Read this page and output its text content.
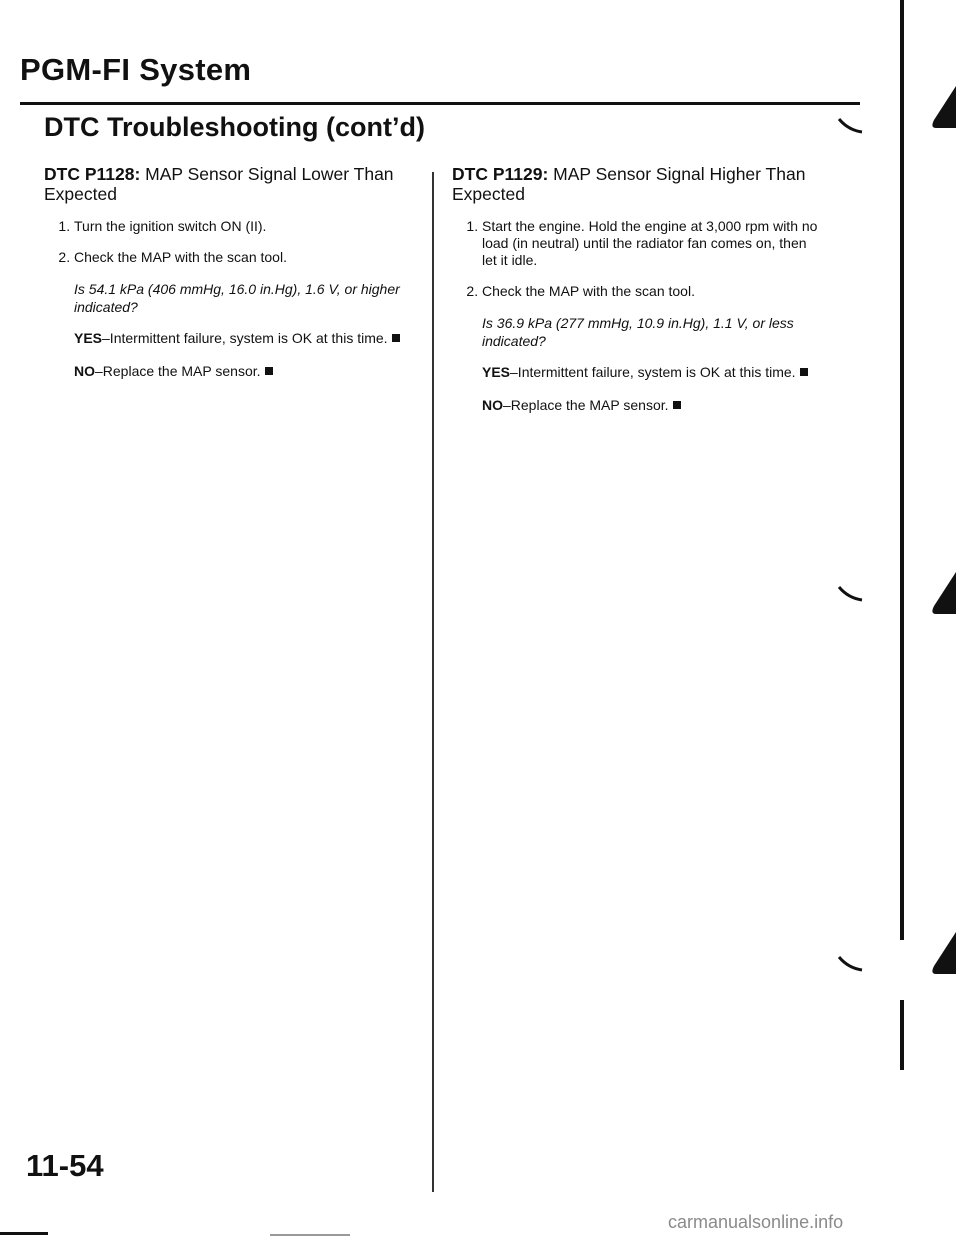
PGM-FI System
DTC Troubleshooting (cont’d)

DTC P1128: MAP Sensor Signal Lower Than Expected

1. Turn the ignition switch ON (II).
2. Check the MAP with the scan tool.

Is 54.1 kPa (406 mmHg, 16.0 in.Hg), 1.6 V, or higher indicated?

YES–Intermittent failure, system is OK at this time.

NO–Replace the MAP sensor.

DTC P1129: MAP Sensor Signal Higher Than Expected

1. Start the engine. Hold the engine at 3,000 rpm with no load (in neutral) until the radiator fan comes on, then let it idle.
2. Check the MAP with the scan tool.

Is 36.9 kPa (277 mmHg, 10.9 in.Hg), 1.1 V, or less indicated?

YES–Intermittent failure, system is OK at this time.

NO–Replace the MAP sensor.

11-54
carmanualsonline.info
